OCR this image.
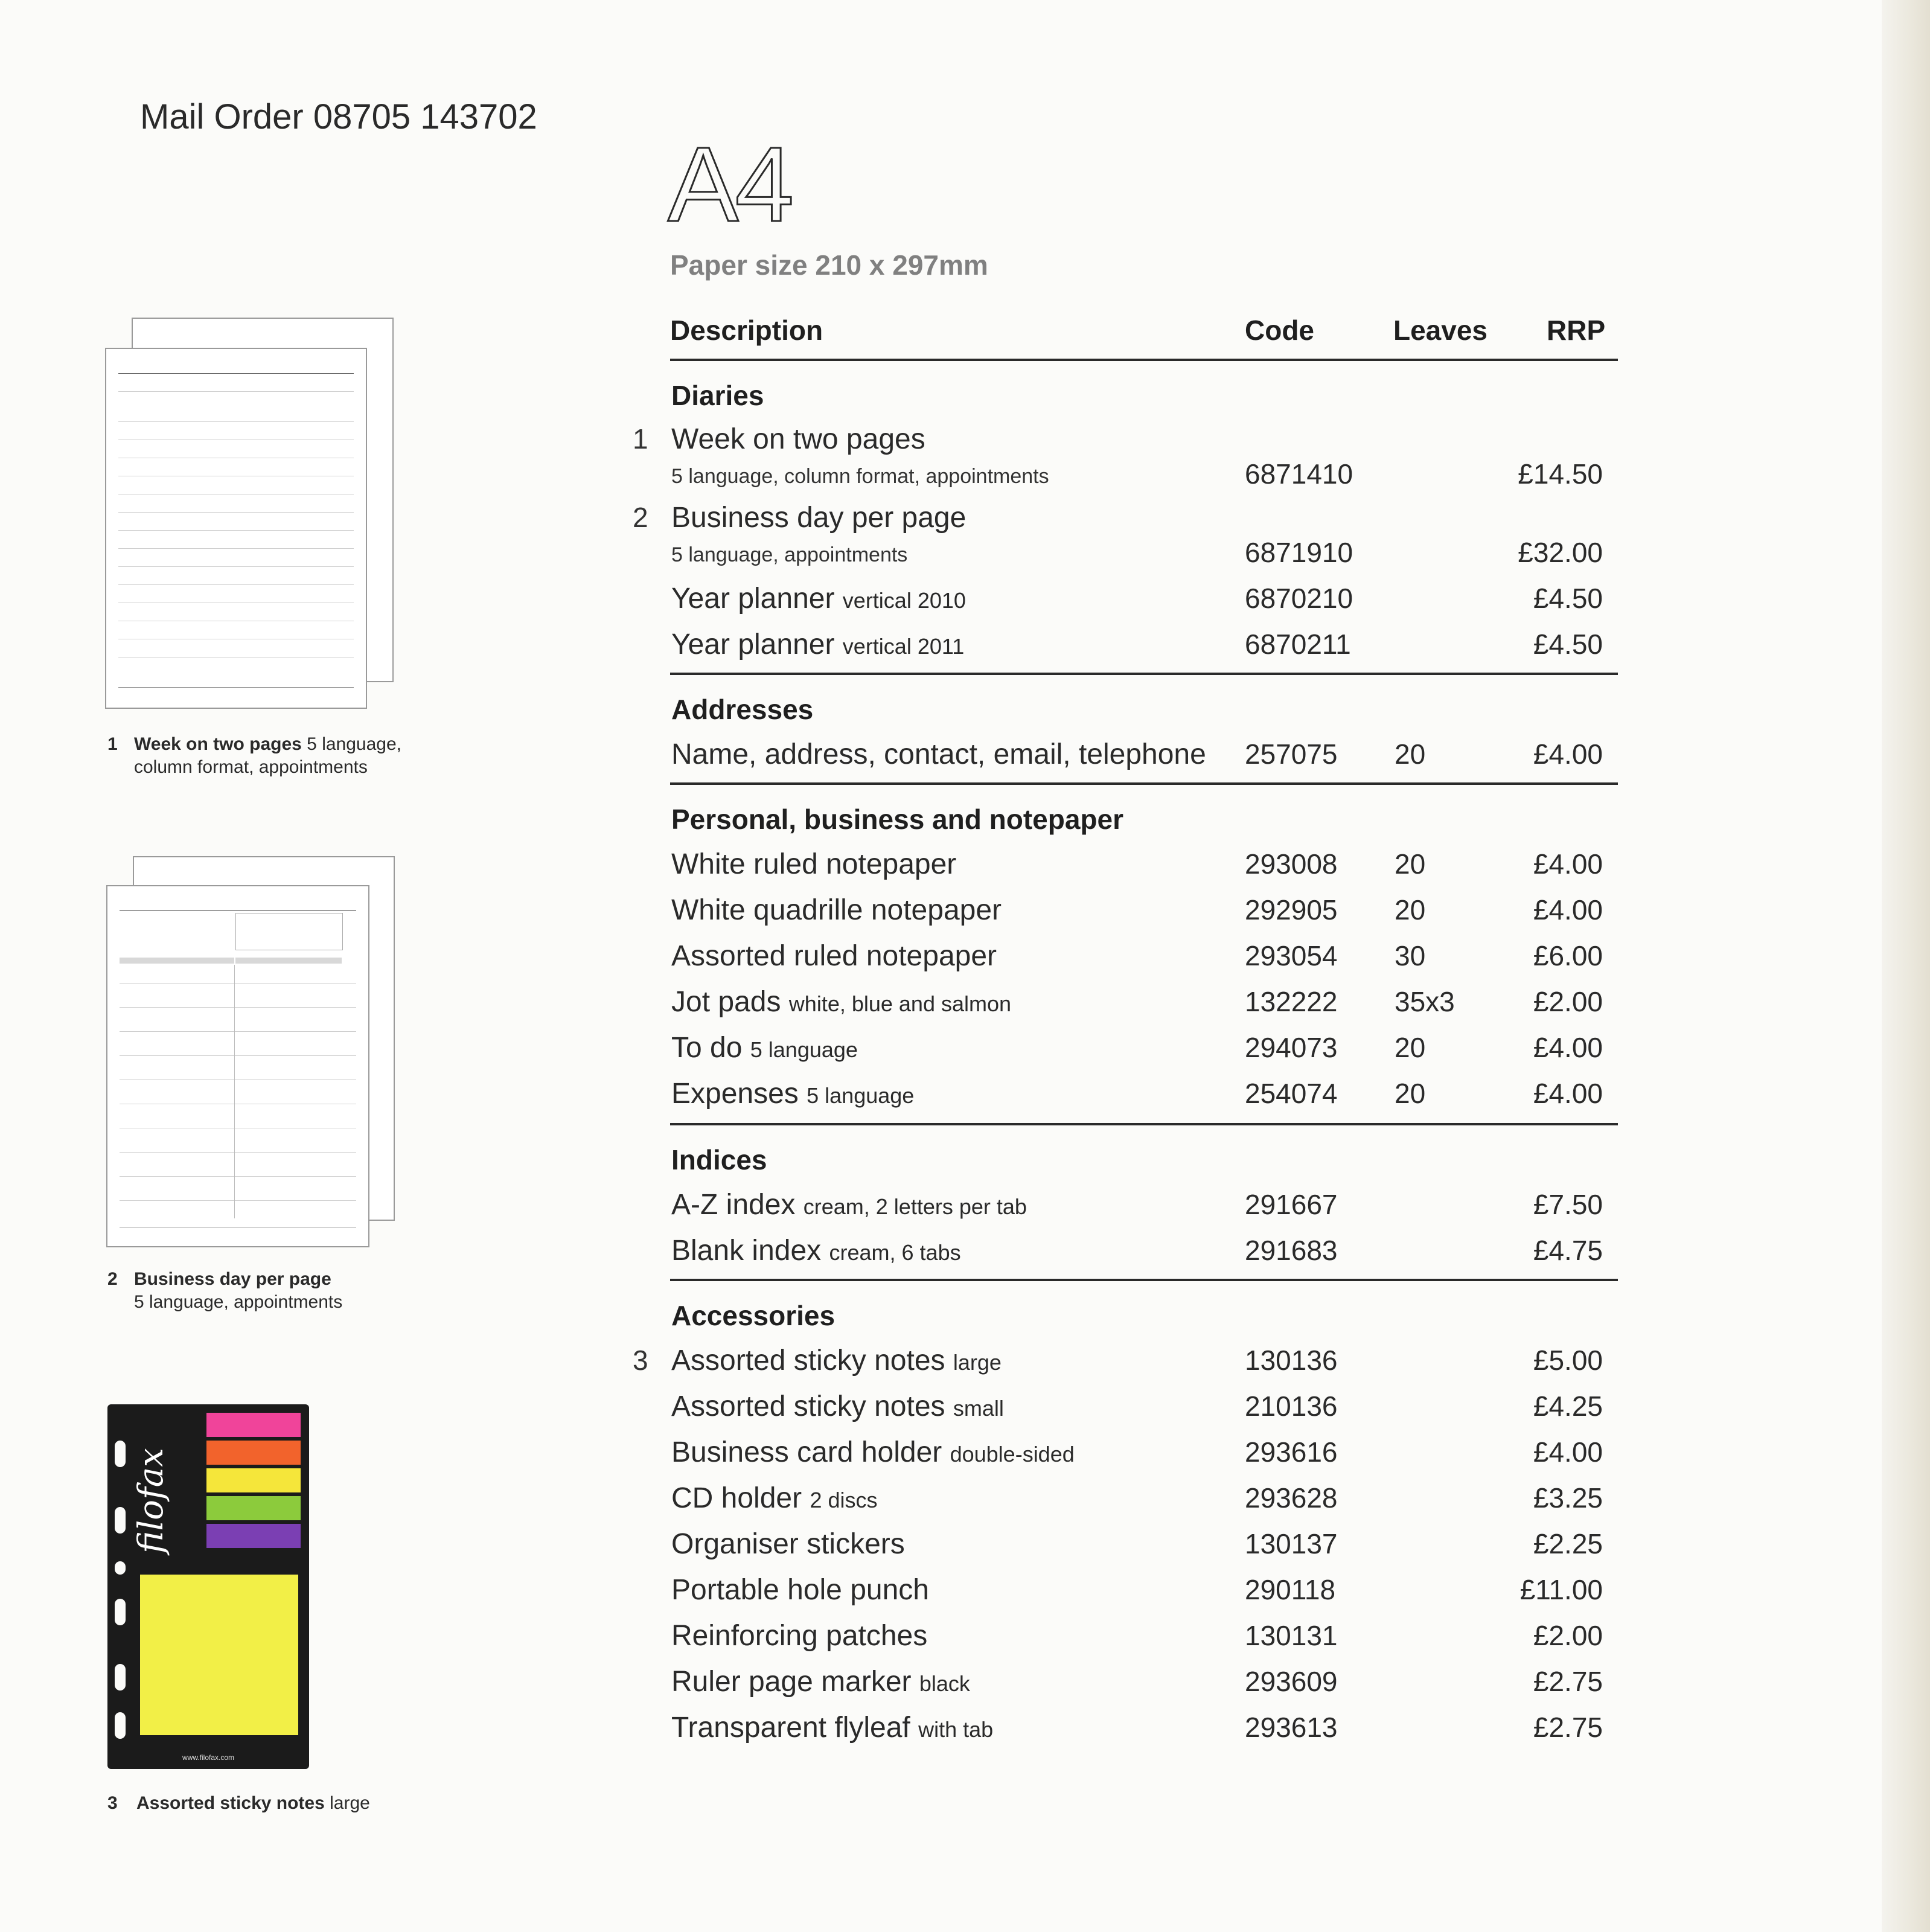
Mail Order 08705 143702
A4
Paper size 210 x 297mm
Description	Code	Leaves RRP
Diaries
1 Week on two pages
5 language, column format, appointments	6871410	£14.50
2 Business day per page
5 language, appointments	6871910	£32.00
Year planner vertical 2010	6870210	£4.50
Year planner vertical 2011	6870211	£4.50
Addresses
Name, address, contact, email, telephone 257075 20	£4.00
Personal, business and notepaper
White ruled notepaper	293008 20	£4.00
White quadrille notepaper	292905 20	£4.00
Assorted ruled notepaper	293054 30	£6.00
Jot pads white, blue and salmon	132222 35x3	£2.00
To do 5 language	294073 20	£4.00
Expenses 5 language	254074 20	£4.00
Indices
A-Z index cream, 2 letters per tab	291667	£7.50
Blank index cream, 6 tabs	291683	£4.75
Accessories
3 Assorted sticky notes large	130136	£5.00
Assorted sticky notes small	210136	£4.25
Business card holder double-sided	293616	£4.00
CD holder 2 discs	293628	£3.25
Organiser stickers	130137	£2.25
Portable hole punch	290118	£11.00
Reinforcing patches	130131	£2.00
Ruler page marker black	293609	£2.75
Transparent flyleaf with tab	293613	£2.75
1 Week on two pages 5 language,
column format, appointments
2 Business day per page
5 language, appointments
filofax
www.filofax.com
3 Assorted sticky notes large
